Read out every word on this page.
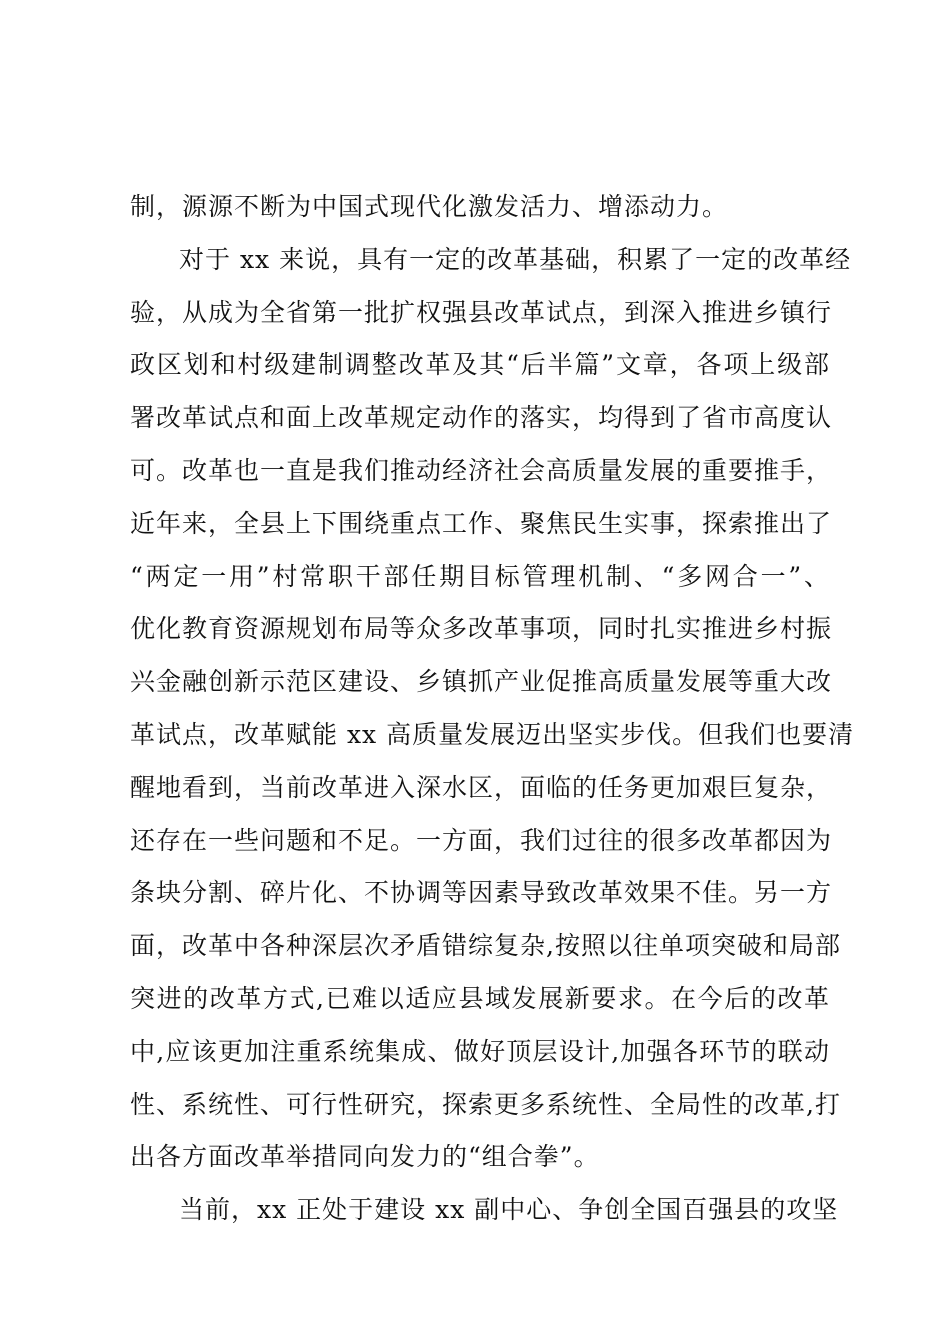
制，源源不断为中国式现代化激发活力、增添动力。
对于 xx 来说，具有一定的改革基础，积累了一定的改革经
验，从成为全省第一批扩权强县改革试点，到深入推进乡镇行
政区划和村级建制调整改革及其“后半篇”文章，各项上级部
署改革试点和面上改革规定动作的落实，均得到了省市高度认
可。改革也一直是我们推动经济社会高质量发展的重要推手，
近年来，全县上下围绕重点工作、聚焦民生实事，探索推出了
“两定一用”村常职干部任期目标管理机制、“多网合一”、
优化教育资源规划布局等众多改革事项，同时扎实推进乡村振
兴金融创新示范区建设、乡镇抓产业促推高质量发展等重大改
革试点，改革赋能 xx 高质量发展迈出坚实步伐。但我们也要清
醒地看到，当前改革进入深水区，面临的任务更加艰巨复杂，
还存在一些问题和不足。一方面，我们过往的很多改革都因为
条块分割、碎片化、不协调等因素导致改革效果不佳。另一方
面，改革中各种深层次矛盾错综复杂,按照以往单项突破和局部
突进的改革方式,已难以适应县域发展新要求。在今后的改革
中,应该更加注重系统集成、做好顶层设计,加强各环节的联动
性、系统性、可行性研究，探索更多系统性、全局性的改革,打
出各方面改革举措同向发力的“组合拳”。
当前，xx 正处于建设 xx 副中心、争创全国百强县的攻坚
